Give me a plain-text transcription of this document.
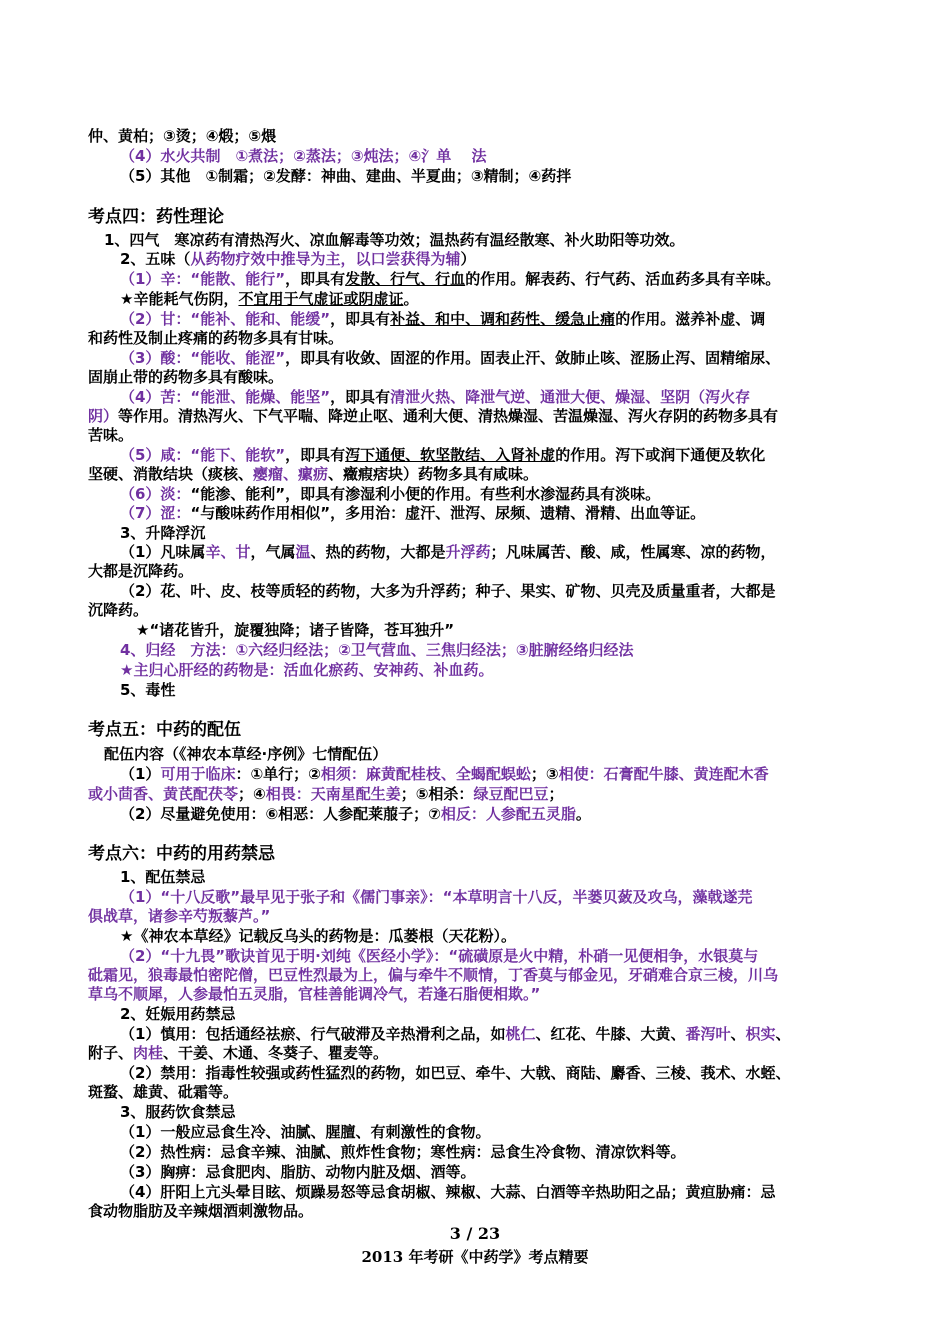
3 / 23
2013 年考研《中药学》考点精要
仲、黄柏；③烫；④煅；⑤煨
（4）水火共制　①煮法；②蒸法；③炖法；④氵单　 法
（5）其他　①制霜；②发酵：神曲、建曲、半夏曲；③精制；④药拌
考点四：药性理论
1、四气　寒凉药有清热泻火、凉血解毒等功效；温热药有温经散寒、补火助阳等功效。
2、五味（从药物疗效中推导为主，以口尝获得为辅）
（1）辛：“能散、能行”，即具有发散、行气、行血的作用。解表药、行气药、活血药多具有辛味。
★辛能耗气伤阴，不宜用于气虚证或阴虚证。
（2）甘：“能补、能和、能缓”，即具有补益、和中、调和药性、缓急止痛的作用。滋养补虚、调
和药性及制止疼痛的药物多具有甘味。
（3）酸：“能收、能涩”，即具有收敛、固涩的作用。固表止汗、敛肺止咳、涩肠止泻、固精缩尿、
固崩止带的药物多具有酸味。
（4）苦：“能泄、能燥、能坚”，即具有清泄火热、降泄气逆、通泄大便、燥湿、坚阴（泻火存
阴）等作用。清热泻火、下气平喘、降逆止呕、通利大便、清热燥湿、苦温燥湿、泻火存阴的药物多具有
苦味。
（5）咸：“能下、能软”，即具有泻下通便、软坚散结、入肾补虚的作用。泻下或润下通便及软化
坚硬、消散结块（痰核、瘿瘤、瘰疬、癥瘕痞块）药物多具有咸味。
（6）淡：“能渗、能利”，即具有渗湿利小便的作用。有些利水渗湿药具有淡味。
（7）涩：“与酸味药作用相似”，多用治：虚汗、泄泻、尿频、遗精、滑精、出血等证。
3、升降浮沉
（1）凡味属辛、甘，气属温、热的药物，大都是升浮药；凡味属苦、酸、咸，性属寒、凉的药物，
大都是沉降药。
（2）花、叶、皮、枝等质轻的药物，大多为升浮药；种子、果实、矿物、贝壳及质量重者，大都是
沉降药。
★“诸花皆升，旋覆独降；诸子皆降，苍耳独升”
4、归经　方法：①六经归经法；②卫气营血、三焦归经法；③脏腑经络归经法
★主归心肝经的药物是：活血化瘀药、安神药、补血药。
5、毒性
考点五：中药的配伍
配伍内容（《神农本草经·序例》七情配伍）
（1）可用于临床：①单行；②相须：麻黄配桂枝、全蝎配蜈蚣；③相使：石膏配牛膝、黄连配木香
或小茴香、黄芪配茯苓；④相畏：天南星配生姜；⑤相杀：绿豆配巴豆；
（2）尽量避免使用：⑥相恶：人参配莱菔子；⑦相反：人参配五灵脂。
考点六：中药的用药禁忌
1、配伍禁忌
（1）“十八反歌”最早见于张子和《儒门事亲》：“本草明言十八反，半蒌贝蔹及攻乌，藻戟遂芫
俱战草，诸参辛芍叛藜芦。”
★《神农本草经》记载反乌头的药物是：瓜蒌根（天花粉）。
（2）“十九畏”歌诀首见于明·刘纯《医经小学》：“硫磺原是火中精，朴硝一见便相争，水银莫与
砒霜见，狼毒最怕密陀僧，巴豆性烈最为上，偏与牵牛不顺情，丁香莫与郁金见，牙硝难合京三棱，川乌
草乌不顺犀，人参最怕五灵脂，官桂善能调冷气，若逢石脂便相欺。”
2、妊娠用药禁忌
（1）慎用：包括通经祛瘀、行气破滞及辛热滑利之品，如桃仁、红花、牛膝、大黄、番泻叶、枳实、
附子、肉桂、干姜、木通、冬葵子、瞿麦等。
（2）禁用：指毒性较强或药性猛烈的药物，如巴豆、牵牛、大戟、商陆、麝香、三棱、莪术、水蛭、
斑蝥、雄黄、砒霜等。
3、服药饮食禁忌
（1）一般应忌食生冷、油腻、腥膻、有刺激性的食物。
（2）热性病：忌食辛辣、油腻、煎炸性食物；寒性病：忌食生冷食物、清凉饮料等。
（3）胸痹：忌食肥肉、脂肪、动物内脏及烟、酒等。
（4）肝阳上亢头晕目眩、烦躁易怒等忌食胡椒、辣椒、大蒜、白酒等辛热助阳之品；黄疸胁痛：忌
食动物脂肪及辛辣烟酒刺激物品。
